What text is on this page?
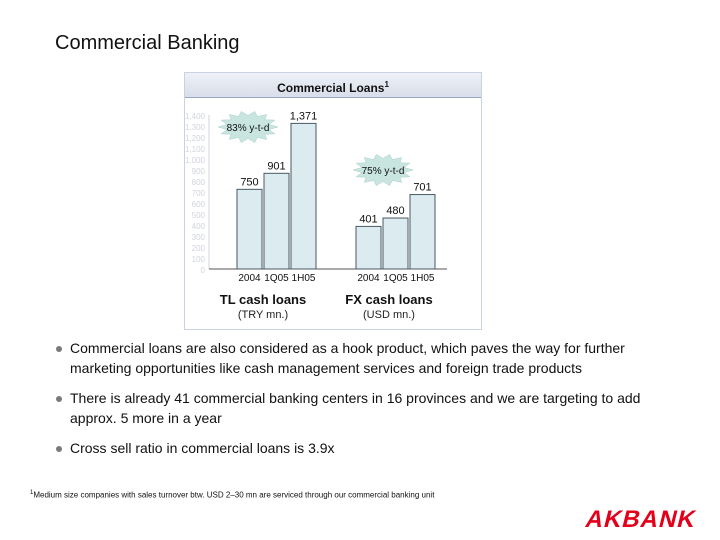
Commercial Banking
Commercial Loans$^1$
1,400
1,300
1,200
1,100
1,000
900
800
700
600
500
400
300
200
100
0
750
2004
901
1Q05
1,371
1H05
TL cash loans
(TRY mn.)
401
2004
480
1Q05
701
1H05
FX cash loans
(USD mn.)
83% y-t-d
75% y-t-d
Commercial loans are also considered as a hook product, which paves the way for further marketing opportunities like cash management services and foreign trade products
There is already 41 commercial banking centers in 16 provinces and we are targeting to add approx. 5 more in a year
Cross sell ratio in commercial loans is 3.9x
$^1$Medium size companies with sales turnover btw. USD 2–30 mn are serviced through our commercial banking unit
AKBANK
